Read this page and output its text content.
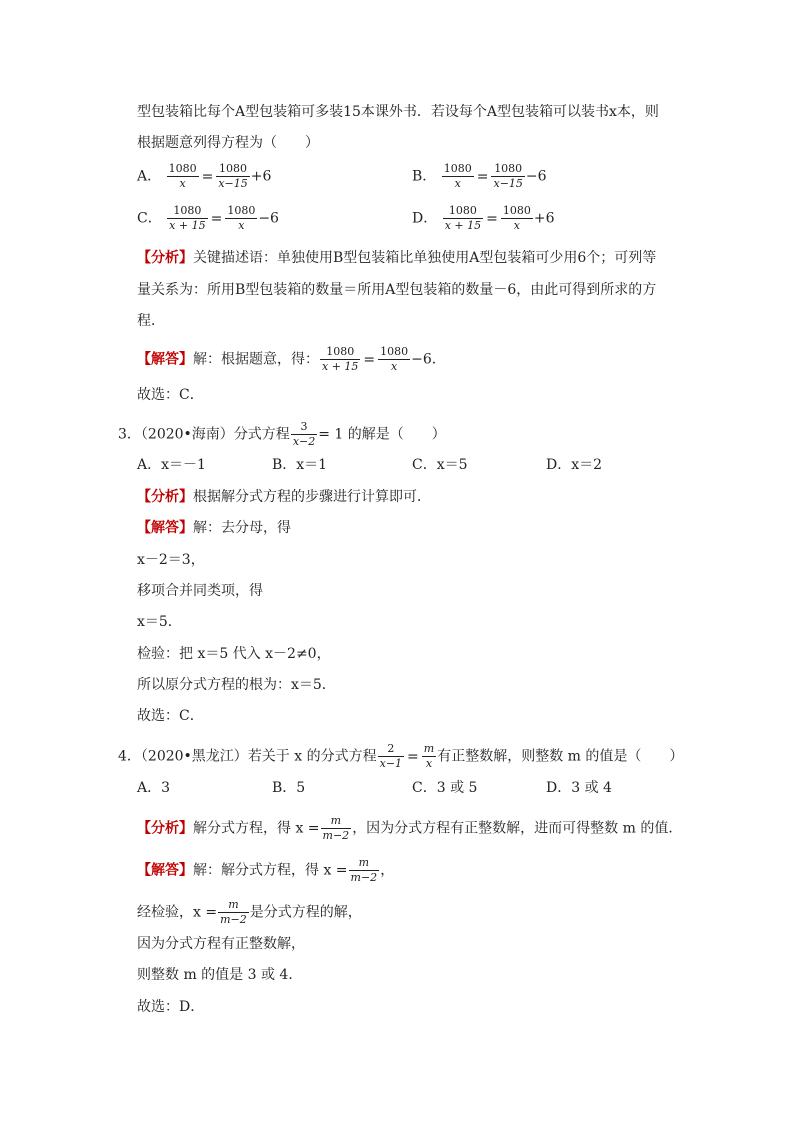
型包装箱比每个A型包装箱可多装15本课外书．若设每个A型包装箱可以装书x本，则
根据题意列得方程为（　　）
A． $\frac{1080}{x} = \frac{1080}{x-15} +6$	B． $\frac{1080}{x} = \frac{1080}{x-15} -6$
C． $\frac{1080}{x + 15} = \frac{1080}{x} -6$	D． $\frac{1080}{x + 15} = \frac{1080}{x} +6$
【分析】关键描述语：单独使用B型包装箱比单独使用A型包装箱可少用6个；可列等
量关系为：所用B型包装箱的数量＝所用A型包装箱的数量－6，由此可得到所求的方
程．
【解答】解：根据题意，得： $\frac{1080}{x + 15} = \frac{1080}{x} -6$．
故选：C．
3．（2020•海南）分式方程 $\frac{3}{x-2} = 1$ 的解是（　　）
A．x＝－1	B．x＝1	C．x＝5	D．x＝2
【分析】根据解分式方程的步骤进行计算即可．
【解答】解：去分母，得
x－2＝3，
移项合并同类项，得
x＝5．
检验：把 x＝5 代入 x－2≠0，
所以原分式方程的根为：x＝5．
故选：C．
4．（2020•黑龙江）若关于 x 的分式方程 $\frac{2}{x-1} = \frac{m}{x}$ 有正整数解，则整数 m 的值是（　　）
A．3	B．5	C．3 或 5	D．3 或 4
【分析】解分式方程，得 $x = \frac{m}{m-2}$ ，因为分式方程有正整数解，进而可得整数 m 的值．
【解答】解：解分式方程，得 $x = \frac{m}{m-2}$ ，
经检验，$x = \frac{m}{m-2}$ 是分式方程的解，
因为分式方程有正整数解，
则整数 m 的值是 3 或 4．
故选：D．
